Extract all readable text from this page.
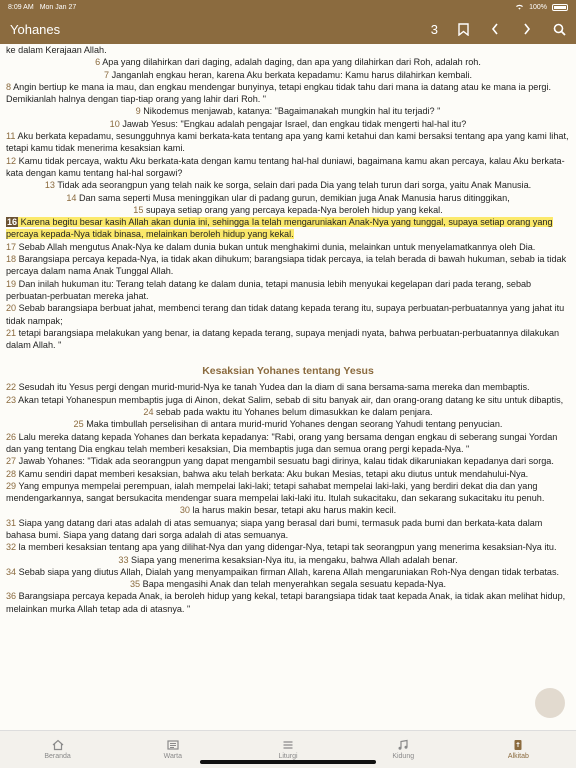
8:09 AM Mon Jan 27	100%
Yohanes	3

ke dalam Kerajaan Allah.

6 Apa yang dilahirkan dari daging, adalah daging, dan apa yang dilahirkan dari Roh, adalah roh.

7 Janganlah engkau heran, karena Aku berkata kepadamu: Kamu harus dilahirkan kembali.

8 Angin bertiup ke mana ia mau, dan engkau mendengar bunyinya, tetapi engkau tidak tahu dari mana ia datang atau ke mana ia pergi. Demikianlah halnya dengan tiap-tiap orang yang lahir dari Roh. "

9 Nikodemus menjawab, katanya: "Bagaimanakah mungkin hal itu terjadi? "

10 Jawab Yesus: "Engkau adalah pengajar Israel, dan engkau tidak mengerti hal-hal itu?

11 Aku berkata kepadamu, sesungguhnya kami berkata-kata tentang apa yang kami ketahui dan kami bersaksi tentang apa yang kami lihat, tetapi kamu tidak menerima kesaksian kami.

12 Kamu tidak percaya, waktu Aku berkata-kata dengan kamu tentang hal-hal duniawi, bagaimana kamu akan percaya, kalau Aku berkata-kata dengan kamu tentang hal-hal sorgawi?

13 Tidak ada seorangpun yang telah naik ke sorga, selain dari pada Dia yang telah turun dari sorga, yaitu Anak Manusia.

14 Dan sama seperti Musa meninggikan ular di padang gurun, demikian juga Anak Manusia harus ditinggikan,

15 supaya setiap orang yang percaya kepada-Nya beroleh hidup yang kekal.

16 Karena begitu besar kasih Allah akan dunia ini, sehingga Ia telah mengaruniakan Anak-Nya yang tunggal, supaya setiap orang yang percaya kepada-Nya tidak binasa, melainkan beroleh hidup yang kekal.

17 Sebab Allah mengutus Anak-Nya ke dalam dunia bukan untuk menghakimi dunia, melainkan untuk menyelamatkannya oleh Dia.

18 Barangsiapa percaya kepada-Nya, ia tidak akan dihukum; barangsiapa tidak percaya, ia telah berada di bawah hukuman, sebab ia tidak percaya dalam nama Anak Tunggal Allah.

19 Dan inilah hukuman itu: Terang telah datang ke dalam dunia, tetapi manusia lebih menyukai kegelapan dari pada terang, sebab perbuatan-perbuatan mereka jahat.

20 Sebab barangsiapa berbuat jahat, membenci terang dan tidak datang kepada terang itu, supaya perbuatan-perbuatannya yang jahat itu tidak nampak;

21 tetapi barangsiapa melakukan yang benar, ia datang kepada terang, supaya menjadi nyata, bahwa perbuatan-perbuatannya dilakukan dalam Allah. "

Kesaksian Yohanes tentang Yesus

22 Sesudah itu Yesus pergi dengan murid-murid-Nya ke tanah Yudea dan la diam di sana bersama-sama mereka dan membaptis.

23 Akan tetapi Yohanespun membaptis juga di Ainon, dekat Salim, sebab di situ banyak air, dan orang-orang datang ke situ untuk dibaptis,

24 sebab pada waktu itu Yohanes belum dimasukkan ke dalam penjara.

25 Maka timbullah perselisihan di antara murid-murid Yohanes dengan seorang Yahudi tentang penyucian.

26 Lalu mereka datang kepada Yohanes dan berkata kepadanya: "Rabi, orang yang bersama dengan engkau di seberang sungai Yordan dan yang tentang Dia engkau telah memberi kesaksian, Dia membaptis juga dan semua orang pergi kepada-Nya. "

27 Jawab Yohanes: "Tidak ada seorangpun yang dapat mengambil sesuatu bagi dirinya, kalau tidak dikaruniakan kepadanya dari sorga.

28 Kamu sendiri dapat memberi kesaksian, bahwa aku telah berkata: Aku bukan Mesias, tetapi aku diutus untuk mendahului-Nya.

29 Yang empunya mempelai perempuan, ialah mempelai laki-laki; tetapi sahabat mempelai laki-laki, yang berdiri dekat dia dan yang mendengarkannya, sangat bersukacita mendengar suara mempelai laki-laki itu. Itulah sukacitaku, dan sekarang sukacitaku itu penuh.

30 la harus makin besar, tetapi aku harus makin kecil.

31 Siapa yang datang dari atas adalah di atas semuanya; siapa yang berasal dari bumi, termasuk pada bumi dan berkata-kata dalam bahasa bumi. Siapa yang datang dari sorga adalah di atas semuanya.

32 la memberi kesaksian tentang apa yang dilihat-Nya dan yang didengar-Nya, tetapi tak seorangpun yang menerima kesaksian-Nya itu.

33 Siapa yang menerima kesaksian-Nya itu, ia mengaku, bahwa Allah adalah benar.

34 Sebab siapa yang diutus Allah, Dialah yang menyampaikan firman Allah, karena Allah mengaruniakan Roh-Nya dengan tidak terbatas.

35 Bapa mengasihi Anak dan telah menyerahkan segala sesuatu kepada-Nya.

36 Barangsiapa percaya kepada Anak, ia beroleh hidup yang kekal, tetapi barangsiapa tidak taat kepada Anak, ia tidak akan melihat hidup, melainkan murka Allah tetap ada di atasnya. "

Beranda	Warta	Liturgi	Kidung	Alkitab
